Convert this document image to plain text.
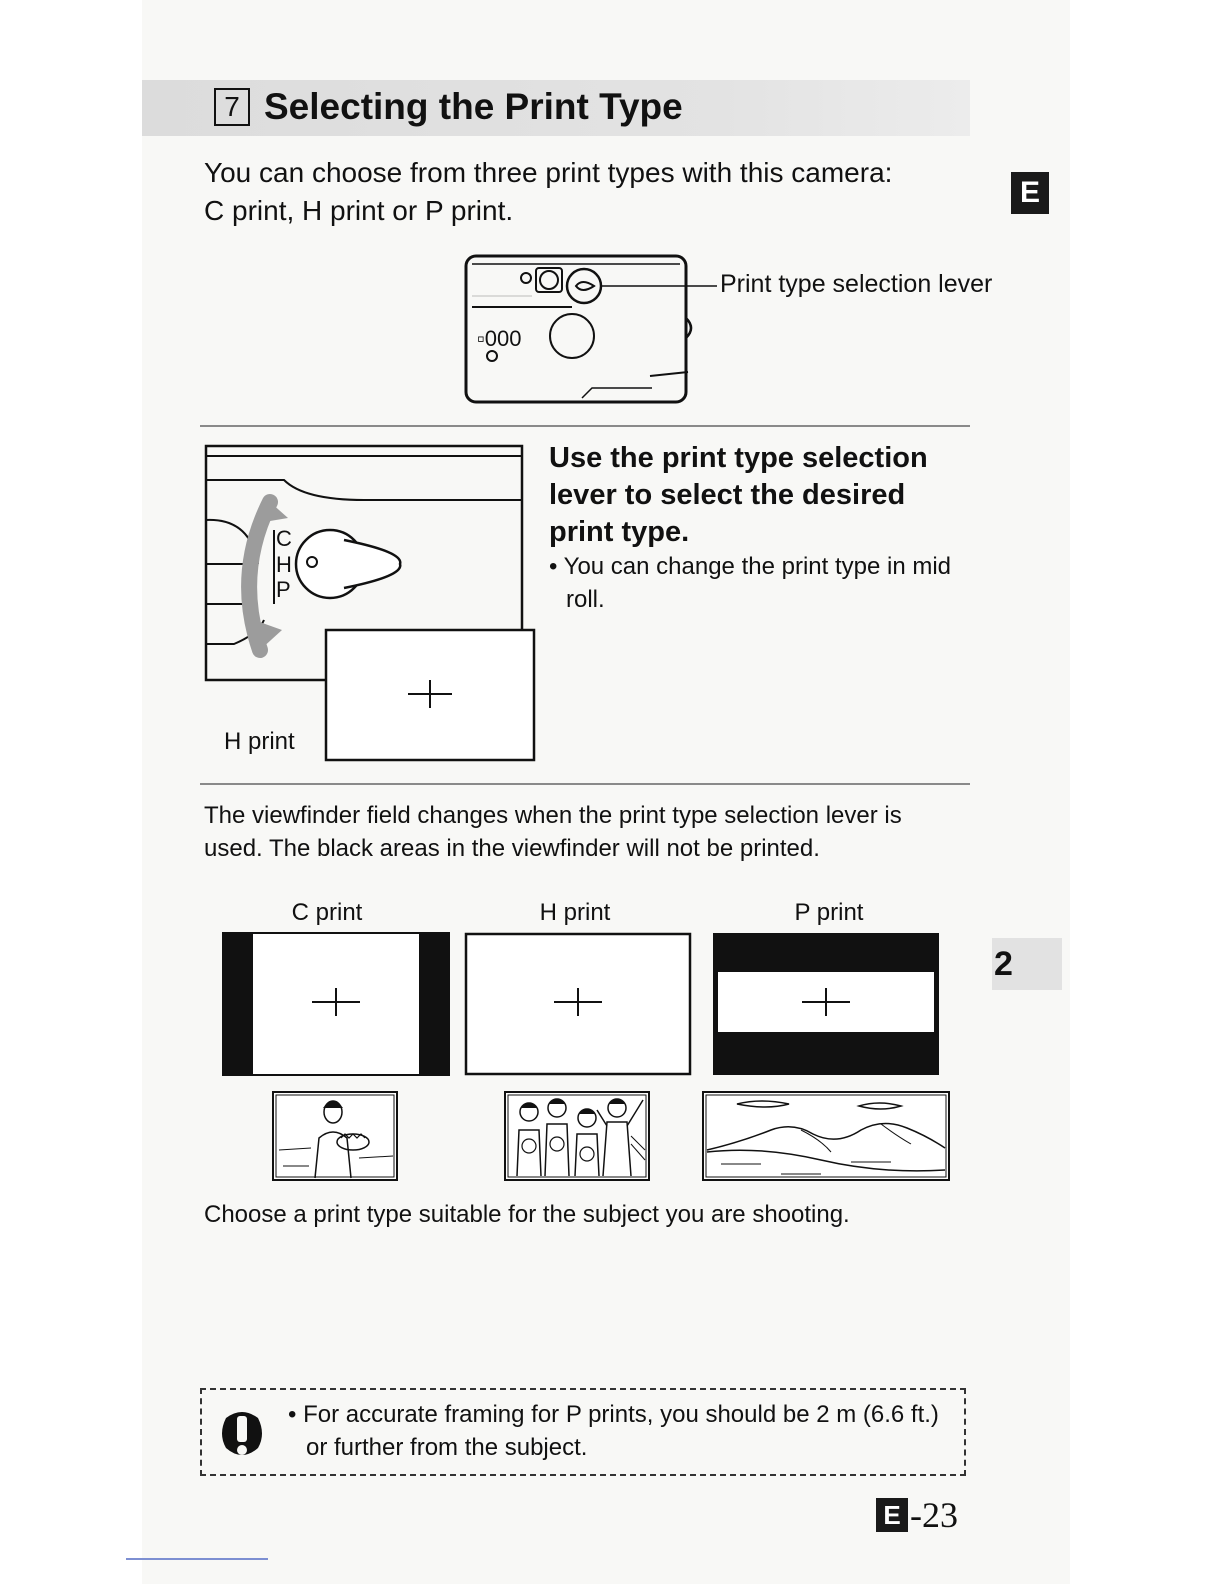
7 Selecting the Print Type
You can choose from three print types with this camera: C print, H print or P print.
E
▫000
Print type selection lever
C
H
P
H print
Use the print type selection lever to select the desired print type.
• You can change the print type in mid roll.
The viewfinder field changes when the print type selection lever is used. The black areas in the viewfinder will not be printed.
C print	H print	P print
Choose a print type suitable for the subject you are shooting.
2
• For accurate framing for P prints, you should be 2 m (6.6 ft.) or further from the subject.
E -23
